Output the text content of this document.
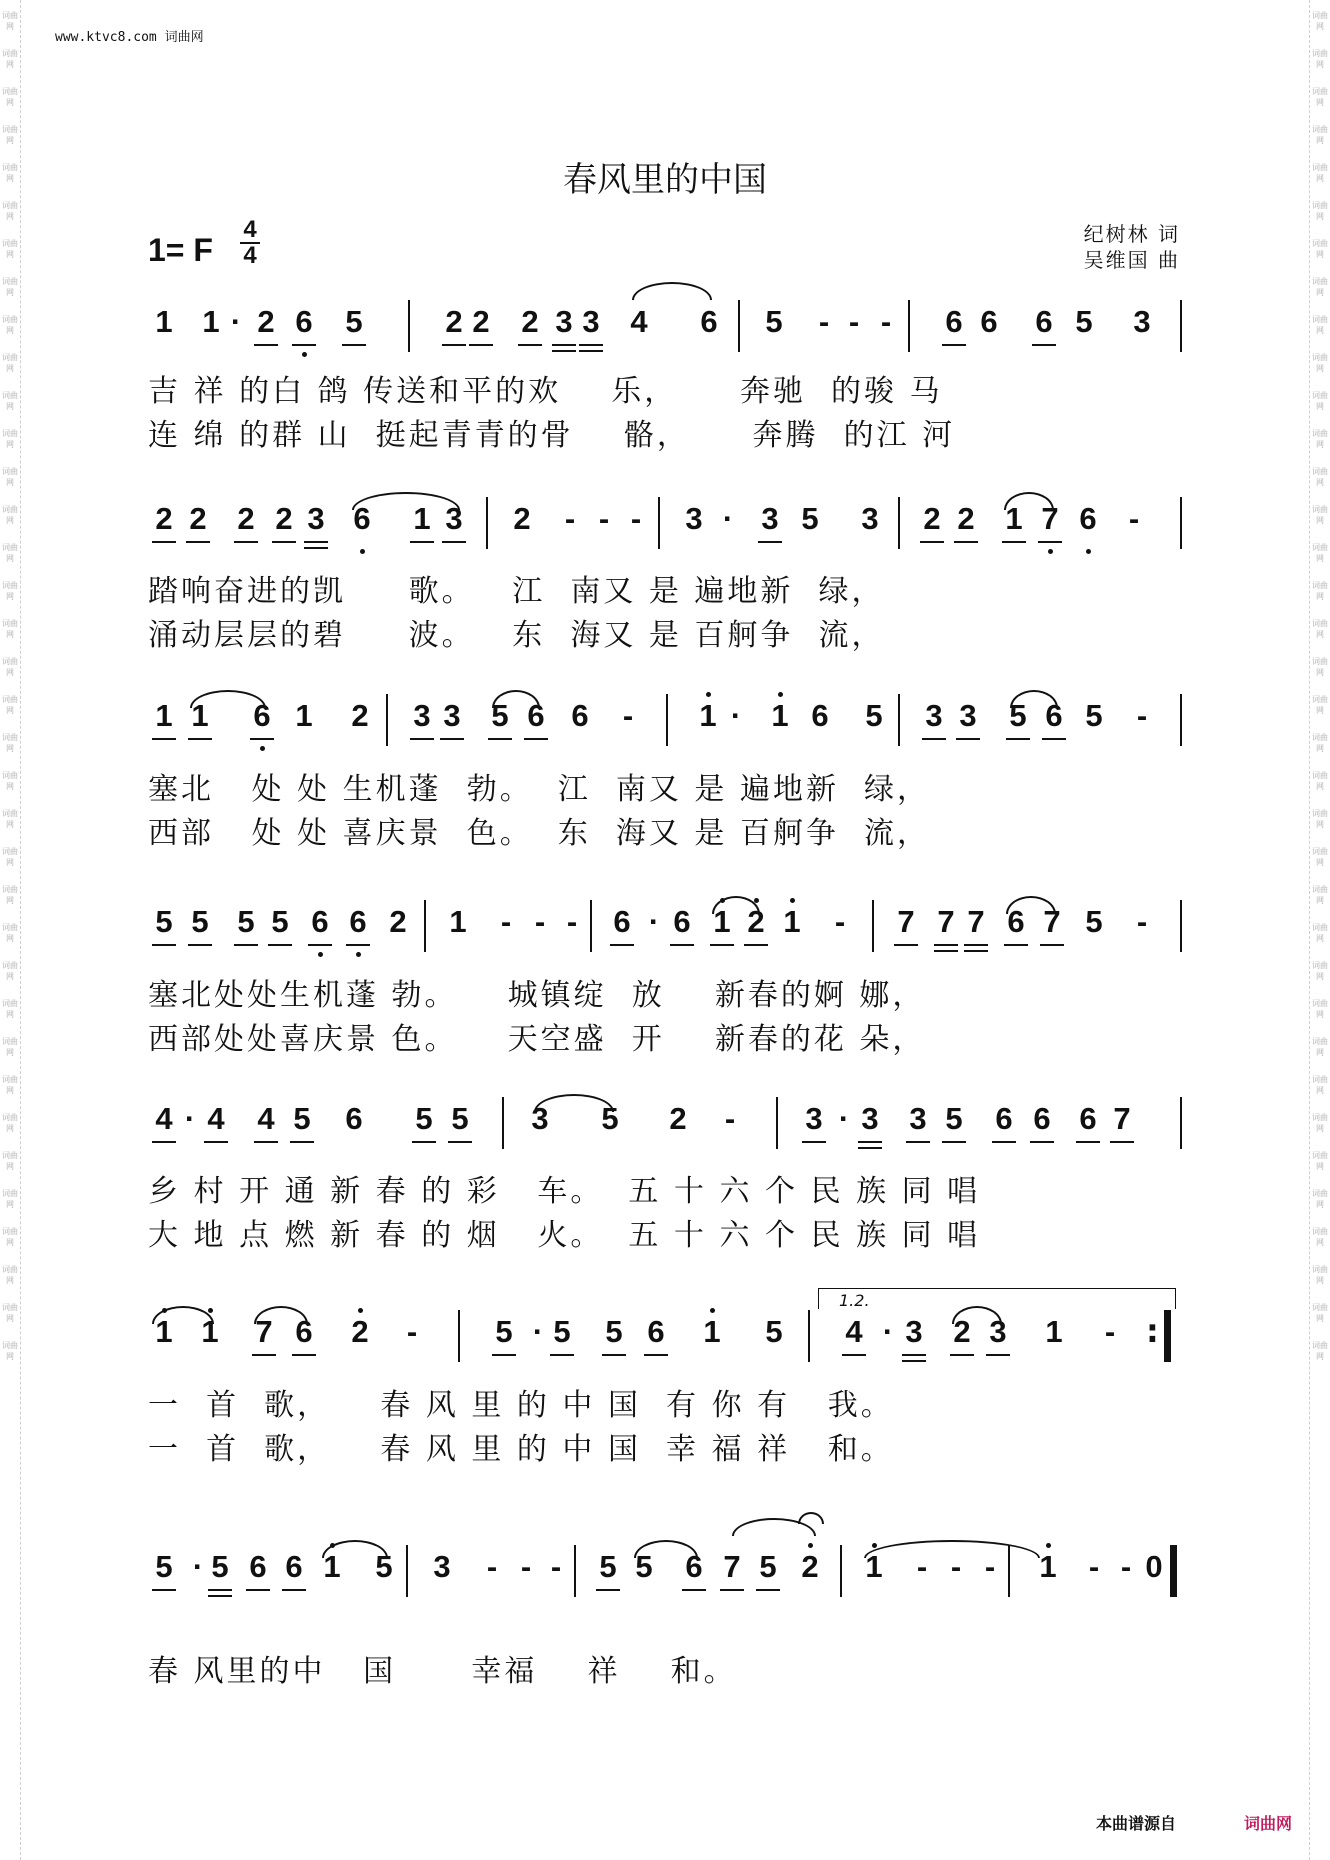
词曲网
词曲网
词曲网
词曲网
词曲网
词曲网
词曲网
词曲网
词曲网
词曲网
词曲网
词曲网
词曲网
词曲网
词曲网
词曲网
词曲网
词曲网
词曲网
词曲网
词曲网
词曲网
词曲网
词曲网
词曲网
词曲网
词曲网
词曲网
词曲网
词曲网
词曲网
词曲网
词曲网
词曲网
词曲网
词曲网
词曲网
词曲网
词曲网
词曲网
词曲网
词曲网
词曲网
词曲网
词曲网
词曲网
词曲网
词曲网
词曲网
词曲网
词曲网
词曲网
词曲网
词曲网
词曲网
词曲网
词曲网
词曲网
词曲网
词曲网
词曲网
词曲网
词曲网
词曲网
词曲网
词曲网
词曲网
词曲网
词曲网
词曲网
词曲网
词曲网
www.ktvc8.com 词曲网
春风里的中国
1= F
4
4
纪树林 词
吴维国 曲
1 1 · 2 6 5	2 2 2 3 3 4 6 5 - - - 6 6 6 5 3
2 2 2 2 3 6 1 3 2 - - - 3 · 3 5 3 2 2 1 7 6 -
1 1 6 1 2 3 3 5 6 6 - 1 · 1 6 5 3 3 5 6 5 -
5 5 5 5 6 6 2 1 - - - 6 · 6 1 2 1 - 7 7 7 6 7 5 -
4 · 4 4 5 6 5 5 3 5 2 - 3 · 3 3 5 6 6 6 7
1 1 7 6 2 -	5 · 5 5 6 1 5 4 · 3 2 3 1 -
5 · 5 6 6 1 5 3 - - - 5 5 6 7 5 2 1 - - - 1 - - 0
:
吉 祥 的白 鸽 传送和平的欢    乐，     奔驰  的骏 马
连 绵 的群 山  挺起青青的骨    骼，     奔腾  的江 河
踏响奋进的凯     歌。   江  南又 是 遍地新  绿，
涌动层层的碧     波。   东  海又 是 百舸争  流，
塞北   处 处 生机蓬  勃。  江  南又 是 遍地新  绿，
西部   处 处 喜庆景  色。  东  海又 是 百舸争  流，
塞北处处生机蓬 勃。    城镇绽  放    新春的婀 娜，
西部处处喜庆景 色。    天空盛  开    新春的花 朵，
乡 村 开 通 新 春 的 彩   车。  五 十 六 个 民 族 同 唱
大 地 点 燃 新 春 的 烟   火。  五 十 六 个 民 族 同 唱
一  首  歌，    春 风 里 的 中 国  有 你 有   我。
一  首  歌，    春 风 里 的 中 国  幸 福 祥   和。
春 风里的中   国      幸福    祥    和。
1.2.
本曲谱源自	词曲网
